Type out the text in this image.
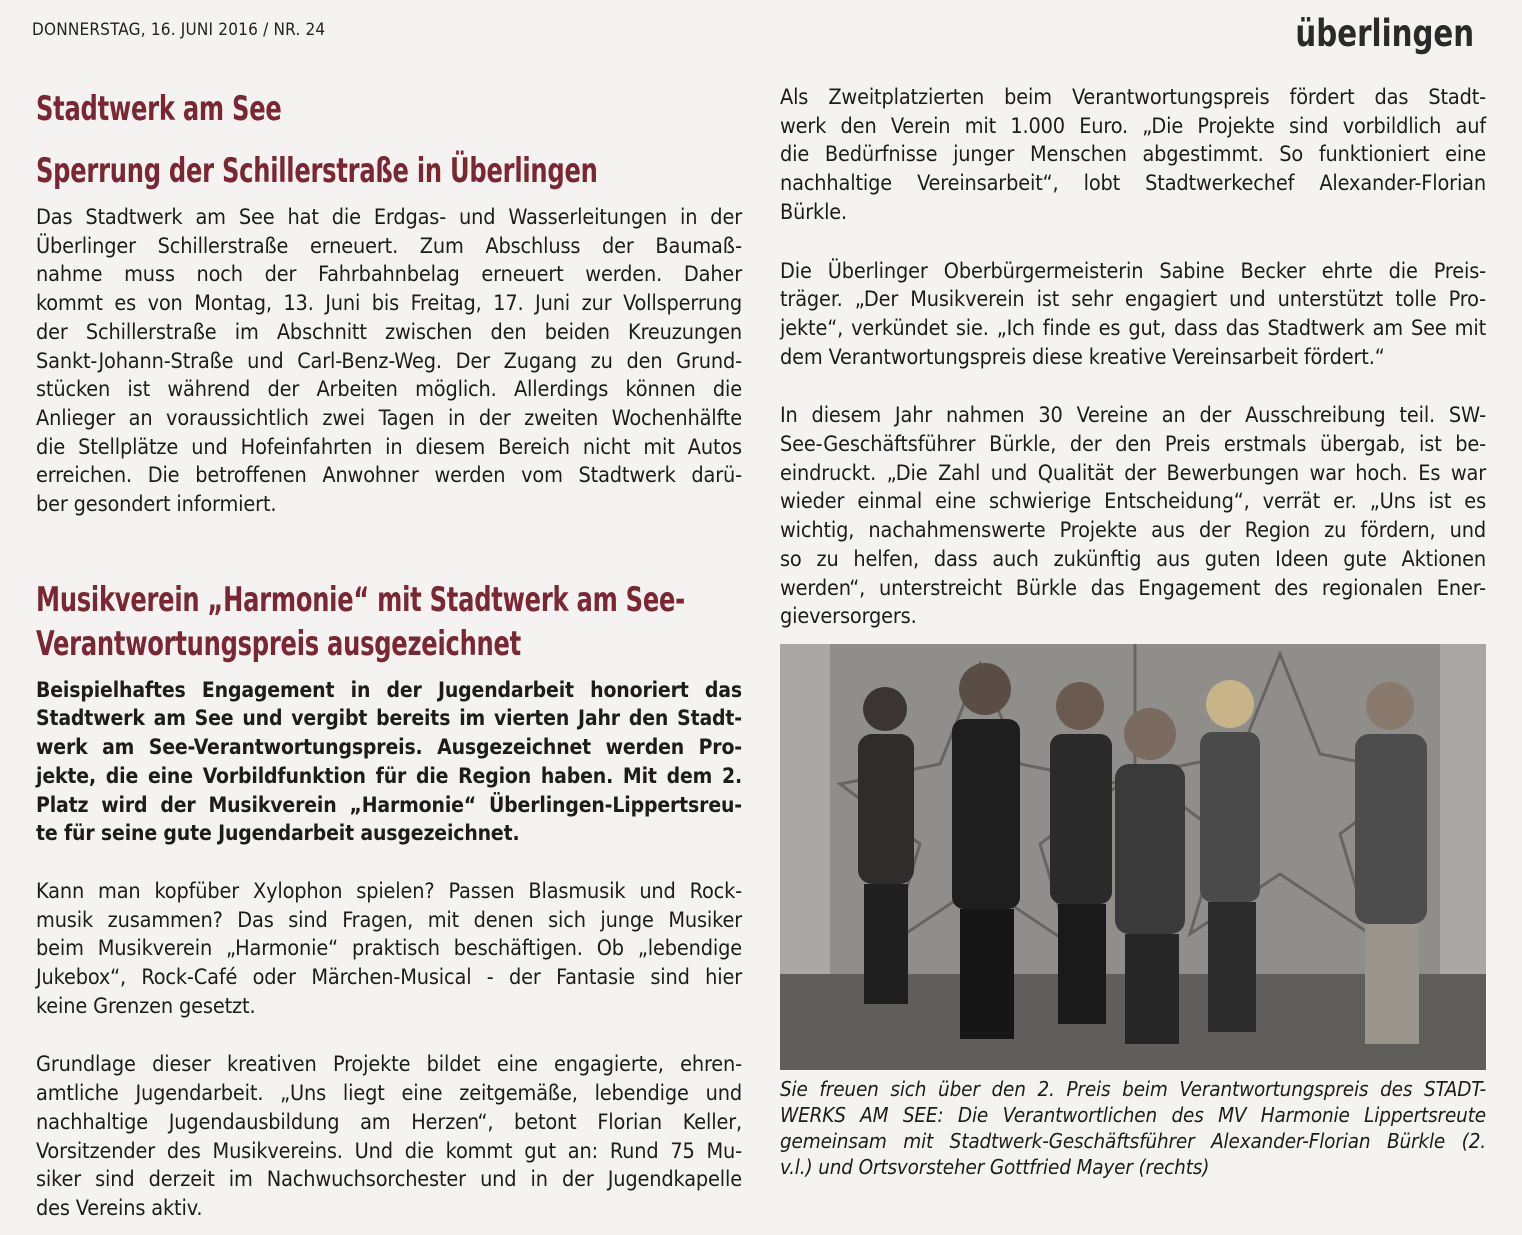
DONNERSTAG, 16. JUNI 2016 / NR. 24	überlingen
Stadtwerk am See
Sperrung der Schillerstraße in Überlingen
Das Stadtwerk am See hat die Erdgas- und Wasserleitungen in der
Überlinger Schillerstraße erneuert. Zum Abschluss der Baumaß-
nahme muss noch der Fahrbahnbelag erneuert werden. Daher
kommt es von Montag, 13. Juni bis Freitag, 17. Juni zur Vollsperrung
der Schillerstraße im Abschnitt zwischen den beiden Kreuzungen
Sankt-Johann-Straße und Carl-Benz-Weg. Der Zugang zu den Grund-
stücken ist während der Arbeiten möglich. Allerdings können die
Anlieger an voraussichtlich zwei Tagen in der zweiten Wochenhälfte
die Stellplätze und Hofeinfahrten in diesem Bereich nicht mit Autos
erreichen. Die betroffenen Anwohner werden vom Stadtwerk darü-
ber gesondert informiert.
Musikverein „Harmonie“ mit Stadtwerk am See-
Verantwortungspreis ausgezeichnet
Beispielhaftes Engagement in der Jugendarbeit honoriert das
Stadtwerk am See und vergibt bereits im vierten Jahr den Stadt-
werk am See-Verantwortungspreis. Ausgezeichnet werden Pro-
jekte, die eine Vorbildfunktion für die Region haben. Mit dem 2.
Platz wird der Musikverein „Harmonie“ Überlingen-Lippertsreu-
te für seine gute Jugendarbeit ausgezeichnet.
Kann man kopfüber Xylophon spielen? Passen Blasmusik und Rock-
musik zusammen? Das sind Fragen, mit denen sich junge Musiker
beim Musikverein „Harmonie“ praktisch beschäftigen. Ob „lebendige
Jukebox“, Rock-Café oder Märchen-Musical - der Fantasie sind hier
keine Grenzen gesetzt.
Grundlage dieser kreativen Projekte bildet eine engagierte, ehren-
amtliche Jugendarbeit. „Uns liegt eine zeitgemäße, lebendige und
nachhaltige Jugendausbildung am Herzen“, betont Florian Keller,
Vorsitzender des Musikvereins. Und die kommt gut an: Rund 75 Mu-
siker sind derzeit im Nachwuchsorchester und in der Jugendkapelle
des Vereins aktiv.
Als Zweitplatzierten beim Verantwortungspreis fördert das Stadt-
werk den Verein mit 1.000 Euro. „Die Projekte sind vorbildlich auf
die Bedürfnisse junger Menschen abgestimmt. So funktioniert eine
nachhaltige Vereinsarbeit“, lobt Stadtwerkechef Alexander-Florian
Bürkle.
Die Überlinger Oberbürgermeisterin Sabine Becker ehrte die Preis-
träger. „Der Musikverein ist sehr engagiert und unterstützt tolle Pro-
jekte“, verkündet sie. „Ich finde es gut, dass das Stadtwerk am See mit
dem Verantwortungspreis diese kreative Vereinsarbeit fördert.“
In diesem Jahr nahmen 30 Vereine an der Ausschreibung teil. SW-
See-Geschäftsführer Bürkle, der den Preis erstmals übergab, ist be-
eindruckt. „Die Zahl und Qualität der Bewerbungen war hoch. Es war
wieder einmal eine schwierige Entscheidung“, verrät er. „Uns ist es
wichtig, nachahmenswerte Projekte aus der Region zu fördern, und
so zu helfen, dass auch zukünftig aus guten Ideen gute Aktionen
werden“, unterstreicht Bürkle das Engagement des regionalen Ener-
gieversorgers.
Sie freuen sich über den 2. Preis beim Verantwortungspreis des STADT-
WERKS AM SEE: Die Verantwortlichen des MV Harmonie Lippertsreute
gemeinsam mit Stadtwerk-Geschäftsführer Alexander-Florian Bürkle (2.
v.l.) und Ortsvorsteher Gottfried Mayer (rechts)
